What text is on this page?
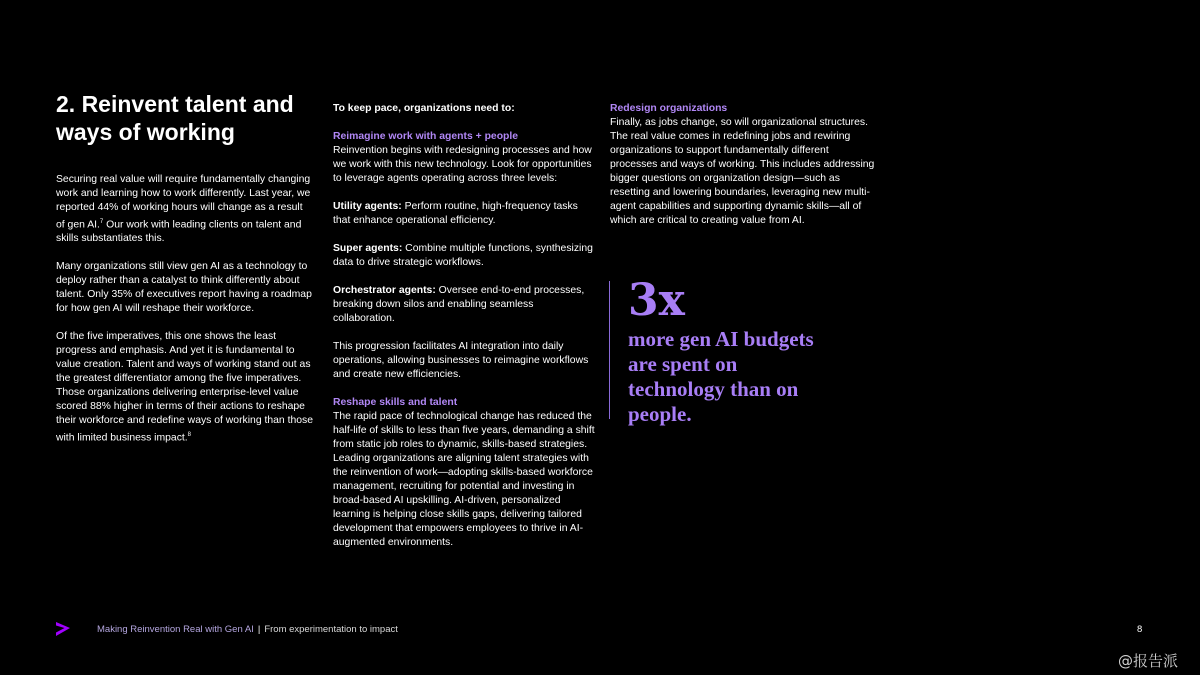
2. Reinvent talent and ways of working

Securing real value will require fundamentally changing work and learning how to work differently. Last year, we reported 44% of working hours will change as a result of gen AI.$^7$ Our work with leading clients on talent and skills substantiates this.

Many organizations still view gen AI as a technology to deploy rather than a catalyst to think differently about talent. Only 35% of executives report having a roadmap for how gen AI will reshape their workforce.

Of the five imperatives, this one shows the least progress and emphasis. And yet it is fundamental to value creation. Talent and ways of working stand out as the greatest differentiator among the five imperatives. Those organizations delivering enterprise-level value scored 88% higher in terms of their actions to reshape their workforce and redefine ways of working than those with limited business impact.$^8$

To keep pace, organizations need to:

Reimagine work with agents + people
Reinvention begins with redesigning processes and how we work with this new technology. Look for opportunities to leverage agents operating across three levels:

Utility agents: Perform routine, high-frequency tasks that enhance operational efficiency.

Super agents: Combine multiple functions, synthesizing data to drive strategic workflows.

Orchestrator agents: Oversee end-to-end processes, breaking down silos and enabling seamless collaboration.

This progression facilitates AI integration into daily operations, allowing businesses to reimagine workflows and create new efficiencies.

Reshape skills and talent
The rapid pace of technological change has reduced the half-life of skills to less than five years, demanding a shift from static job roles to dynamic, skills-based strategies. Leading organizations are aligning talent strategies with the reinvention of work—adopting skills-based workforce management, recruiting for potential and investing in broad-based AI upskilling. AI-driven, personalized learning is helping close skills gaps, delivering tailored development that empowers employees to thrive in AI-augmented environments.

Redesign organizations
Finally, as jobs change, so will organizational structures. The real value comes in redefining jobs and rewiring organizations to support fundamentally different processes and ways of working. This includes addressing bigger questions on organization design—such as resetting and lowering boundaries, leveraging new multi-agent capabilities and supporting dynamic skills—all of which are critical to creating value from AI.

3x
more gen AI budgets are spent on technology than on people.
Making Reinvention Real with Gen AI | From experimentation to impact	8
@报告派
